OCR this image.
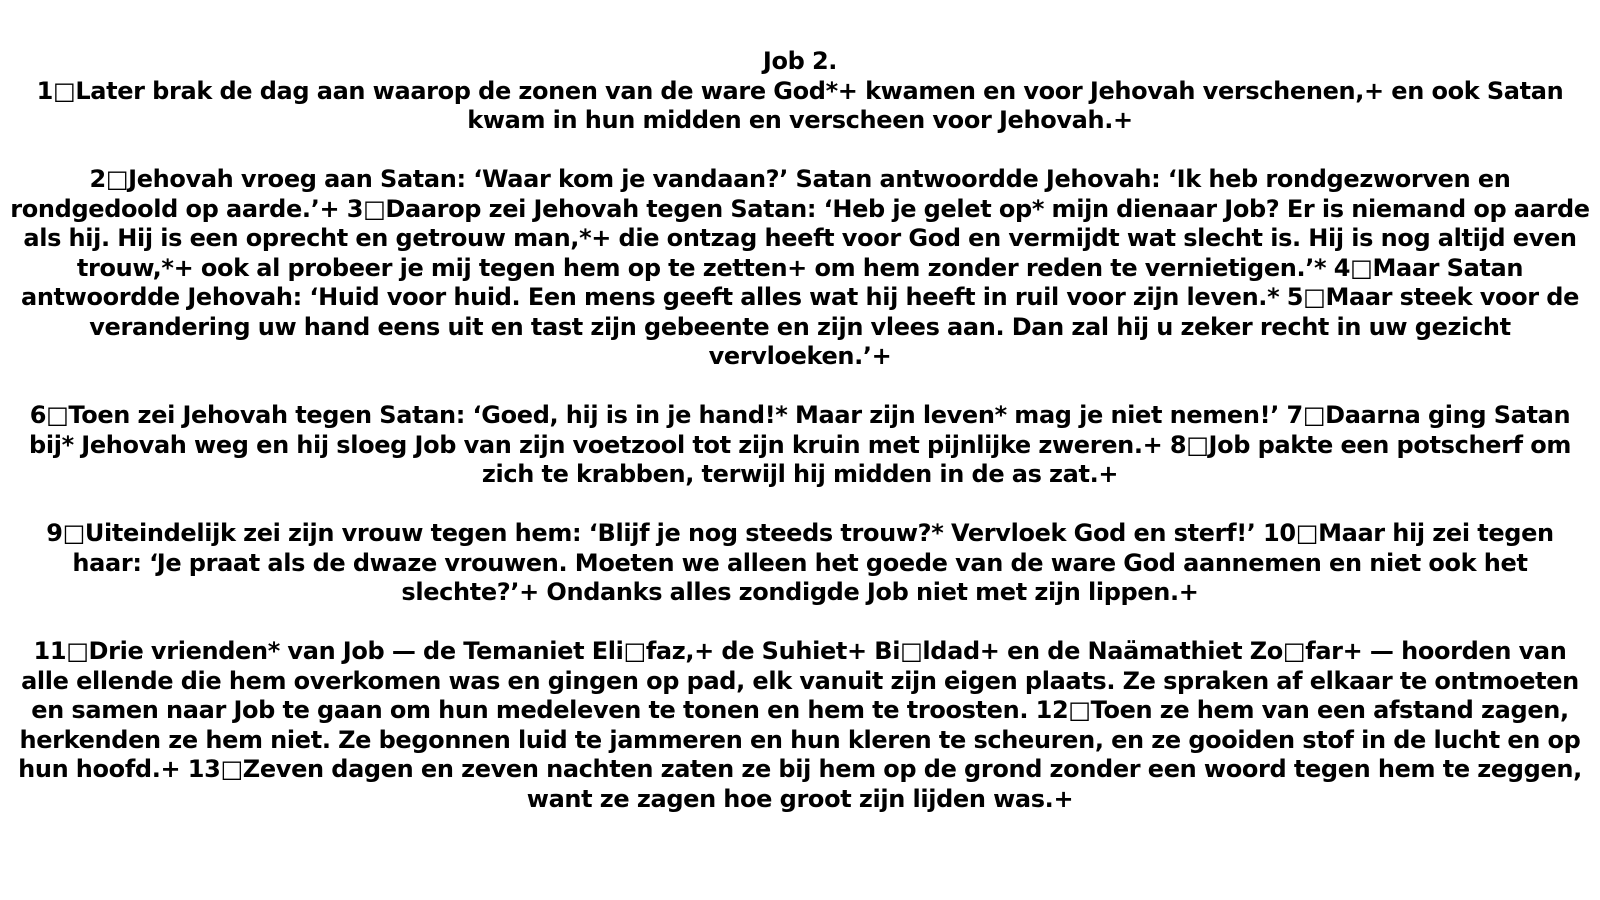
Job 2.

1□Later brak de dag aan waarop de zonen van de ware God*+ kwamen en voor Jehovah verschenen,+ en ook Satan kwam in hun midden en verscheen voor Jehovah.+

2□Jehovah vroeg aan Satan: ‘Waar kom je vandaan?’ Satan antwoordde Jehovah: ‘Ik heb rondgezworven en rondgedoold op aarde.’+ 3□Daarop zei Jehovah tegen Satan: ‘Heb je gelet op* mijn dienaar Job? Er is niemand op aarde als hij. Hij is een oprecht en getrouw man,*+ die ontzag heeft voor God en vermijdt wat slecht is. Hij is nog altijd even trouw,*+ ook al probeer je mij tegen hem op te zetten+ om hem zonder reden te vernietigen.’* 4□Maar Satan antwoordde Jehovah: ‘Huid voor huid. Een mens geeft alles wat hij heeft in ruil voor zijn leven.* 5□Maar steek voor de verandering uw hand eens uit en tast zijn gebeente en zijn vlees aan. Dan zal hij u zeker recht in uw gezicht vervloeken.’+

6□Toen zei Jehovah tegen Satan: ‘Goed, hij is in je hand!* Maar zijn leven* mag je niet nemen!’ 7□Daarna ging Satan bij* Jehovah weg en hij sloeg Job van zijn voetzool tot zijn kruin met pijnlijke zweren.+ 8□Job pakte een potscherf om zich te krabben, terwijl hij midden in de as zat.+

9□Uiteindelijk zei zijn vrouw tegen hem: ‘Blijf je nog steeds trouw?* Vervloek God en sterf!’ 10□Maar hij zei tegen haar: ‘Je praat als de dwaze vrouwen. Moeten we alleen het goede van de ware God aannemen en niet ook het slechte?’+ Ondanks alles zondigde Job niet met zijn lippen.+

11□Drie vrienden* van Job — de Temaniet Eli□faz,+ de Suhiet+ Bi□ldad+ en de Naämathiet Zo□far+ — hoorden van alle ellende die hem overkomen was en gingen op pad, elk vanuit zijn eigen plaats. Ze spraken af elkaar te ontmoeten en samen naar Job te gaan om hun medeleven te tonen en hem te troosten. 12□Toen ze hem van een afstand zagen, herkenden ze hem niet. Ze begonnen luid te jammeren en hun kleren te scheuren, en ze gooiden stof in de lucht en op hun hoofd.+ 13□Zeven dagen en zeven nachten zaten ze bij hem op de grond zonder een woord tegen hem te zeggen, want ze zagen hoe groot zijn lijden was.+
